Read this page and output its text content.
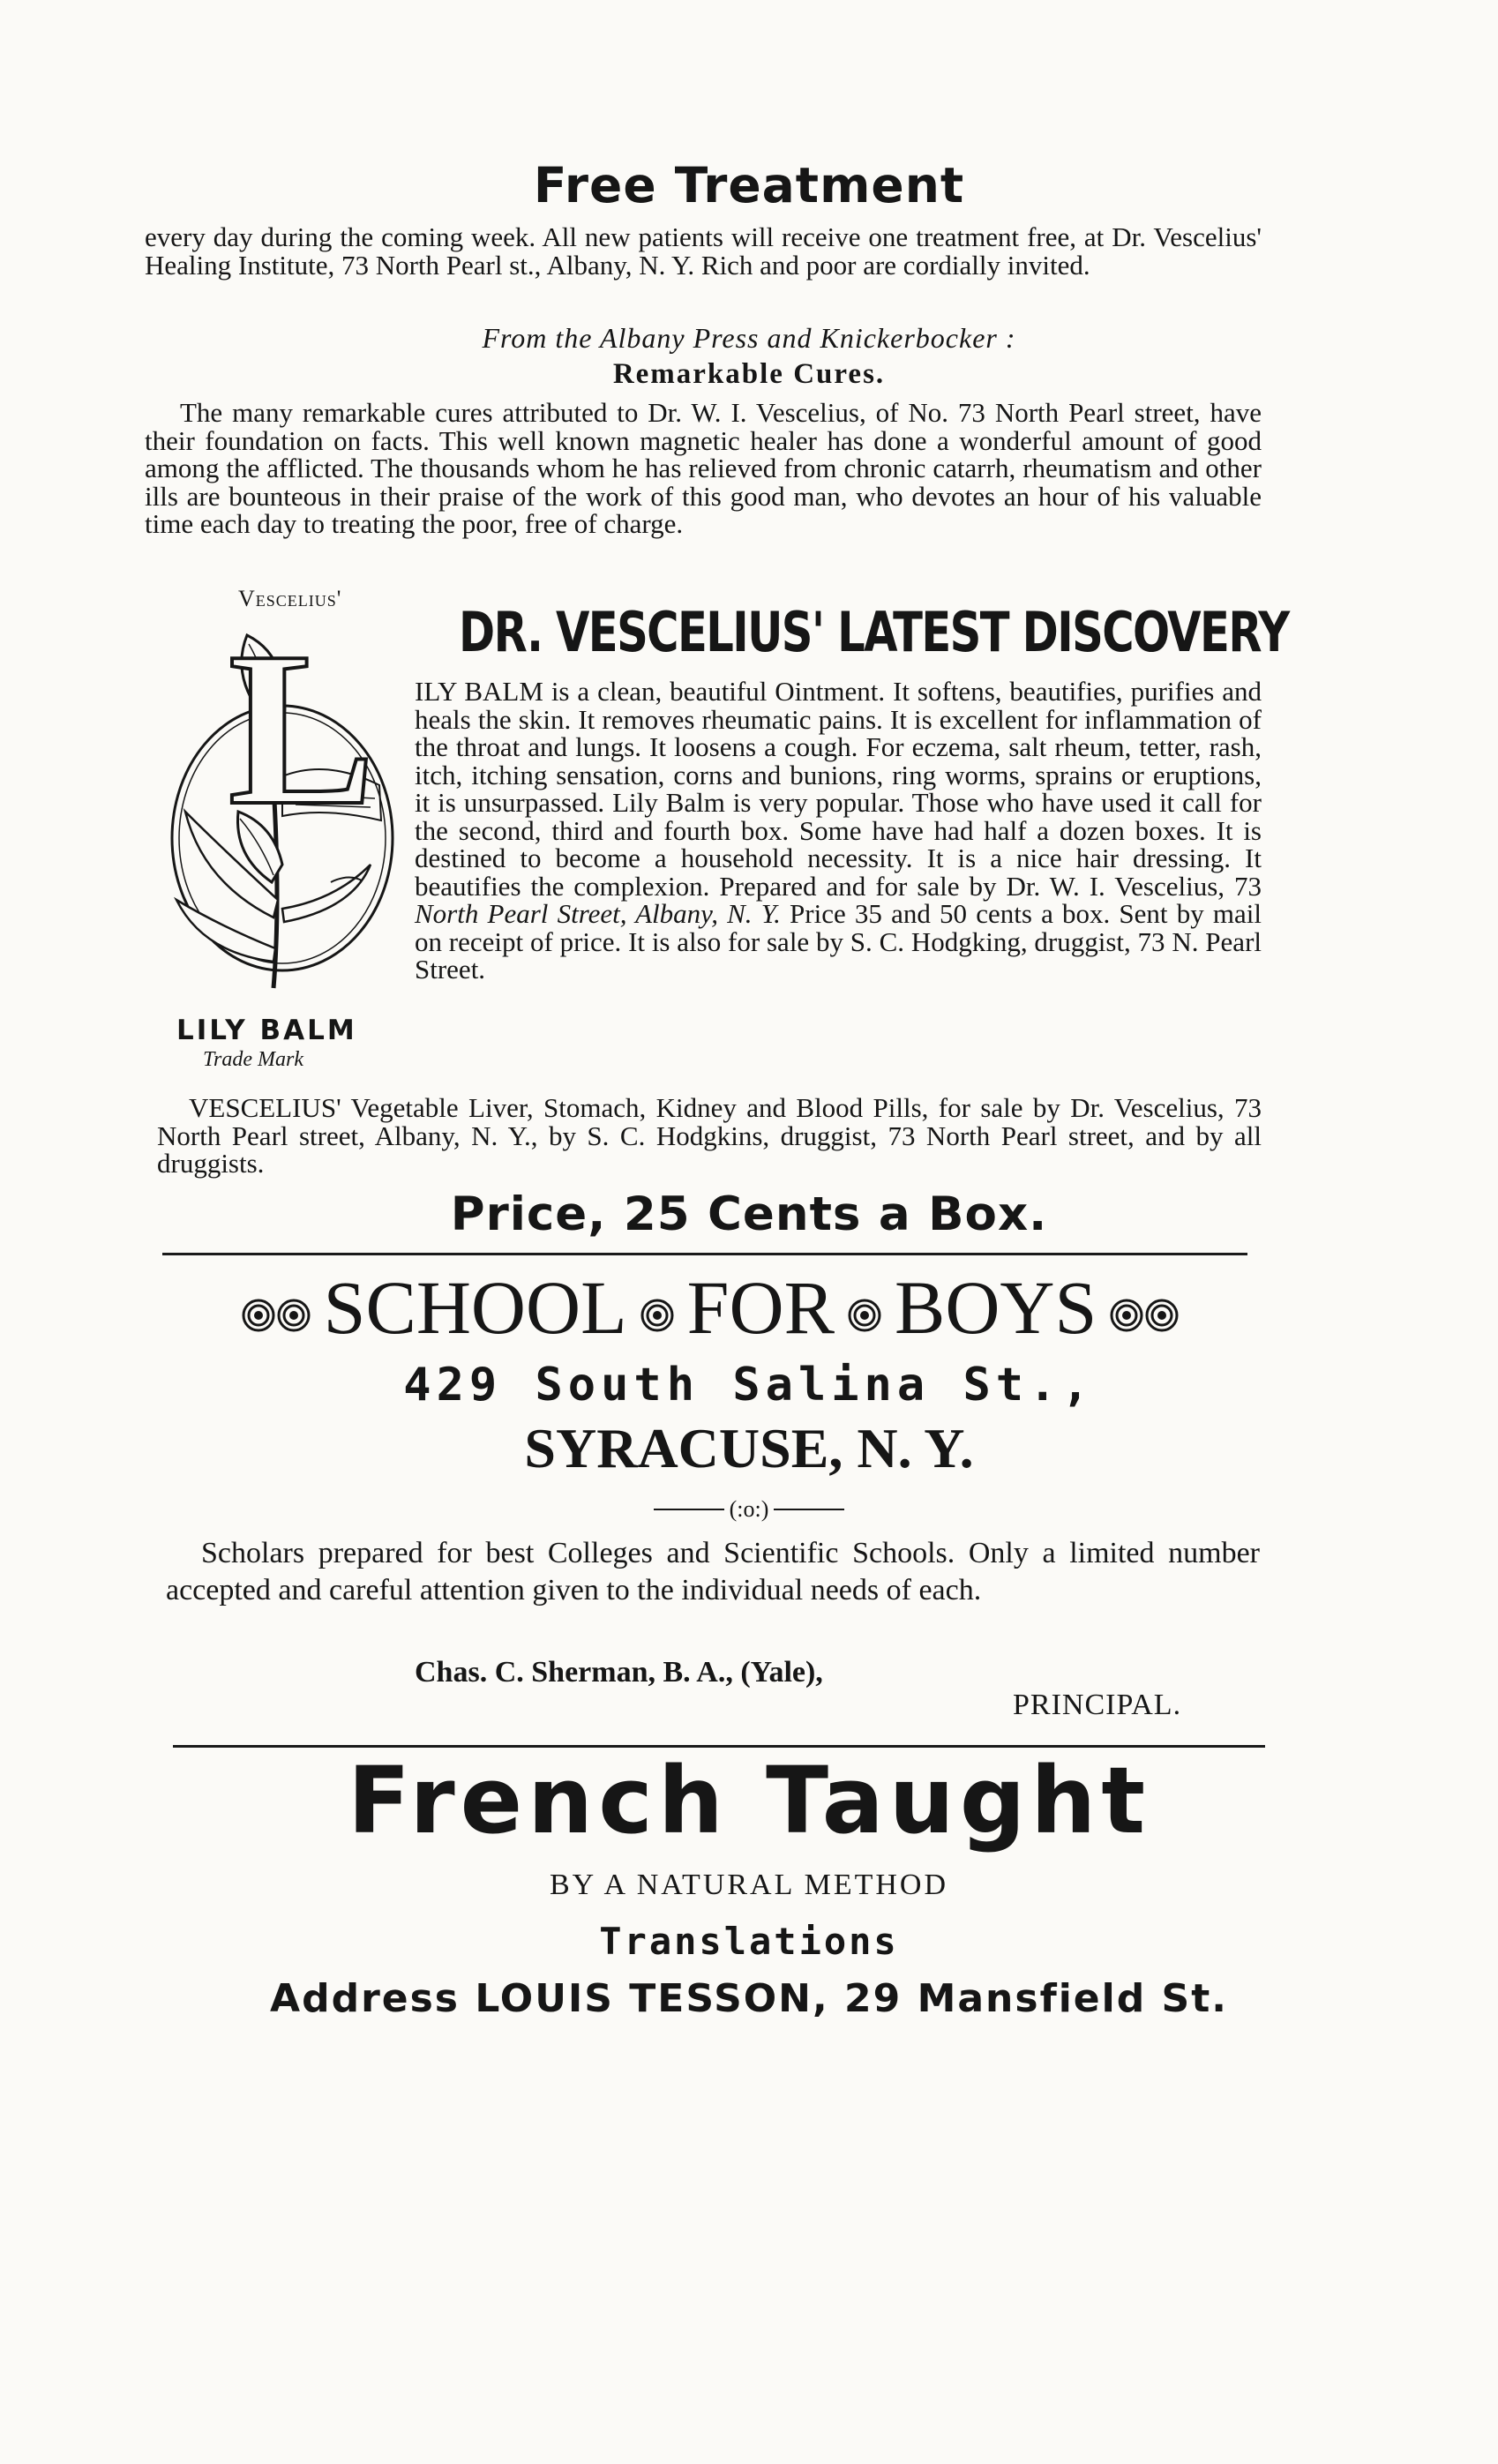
Free Treatment
every day during the coming week. All new patients will receive one treatment free, at Dr. Vescelius' Healing Institute, 73 North Pearl st., Albany, N. Y. Rich and poor are cordially invited.
From the Albany Press and Knickerbocker :
Remarkable Cures.
The many remarkable cures attributed to Dr. W. I. Vescelius, of No. 73 North Pearl street, have their foundation on facts. This well known magnetic healer has done a wonderful amount of good among the afflicted. The thousands whom he has relieved from chronic catarrh, rheumatism and other ills are bounteous in their praise of the work of this good man, who devotes an hour of his valuable time each day to treating the poor, free of charge.
Vescelius'
L
LILY BALM
Trade Mark
DR. VESCELIUS' LATEST DISCOVERY
ILY BALM is a clean, beautiful Ointment. It softens, beautifies, purifies and heals the skin. It removes rheumatic pains. It is excellent for inflammation of the throat and lungs. It loosens a cough. For eczema, salt rheum, tetter, rash, itch, itching sensation, corns and bunions, ring worms, sprains or eruptions, it is unsurpassed. Lily Balm is very popular. Those who have used it call for the second, third and fourth box. Some have had half a dozen boxes. It is destined to become a household necessity. It is a nice hair dressing. It beautifies the complexion. Prepared and for sale by Dr. W. I. Vescelius, 73 North Pearl Street, Albany, N. Y. Price 35 and 50 cents a box. Sent by mail on receipt of price. It is also for sale by S. C. Hodgking, druggist, 73 N. Pearl Street.
VESCELIUS' Vegetable Liver, Stomach, Kidney and Blood Pills, for sale by Dr. Vescelius, 73 North Pearl street, Albany, N. Y., by S. C. Hodgkins, druggist, 73 North Pearl street, and by all druggists.
Price, 25 Cents a Box.
SCHOOL FOR BOYS
429 South Salina St.,
SYRACUSE, N. Y.
(:o:)
Scholars prepared for best Colleges and Scientific Schools. Only a limited number accepted and careful attention given to the individual needs of each.
Chas. C. Sherman, B. A., (Yale),
PRINCIPAL.
French Taught
BY A NATURAL METHOD
Translations
Address LOUIS TESSON, 29 Mansfield St.
